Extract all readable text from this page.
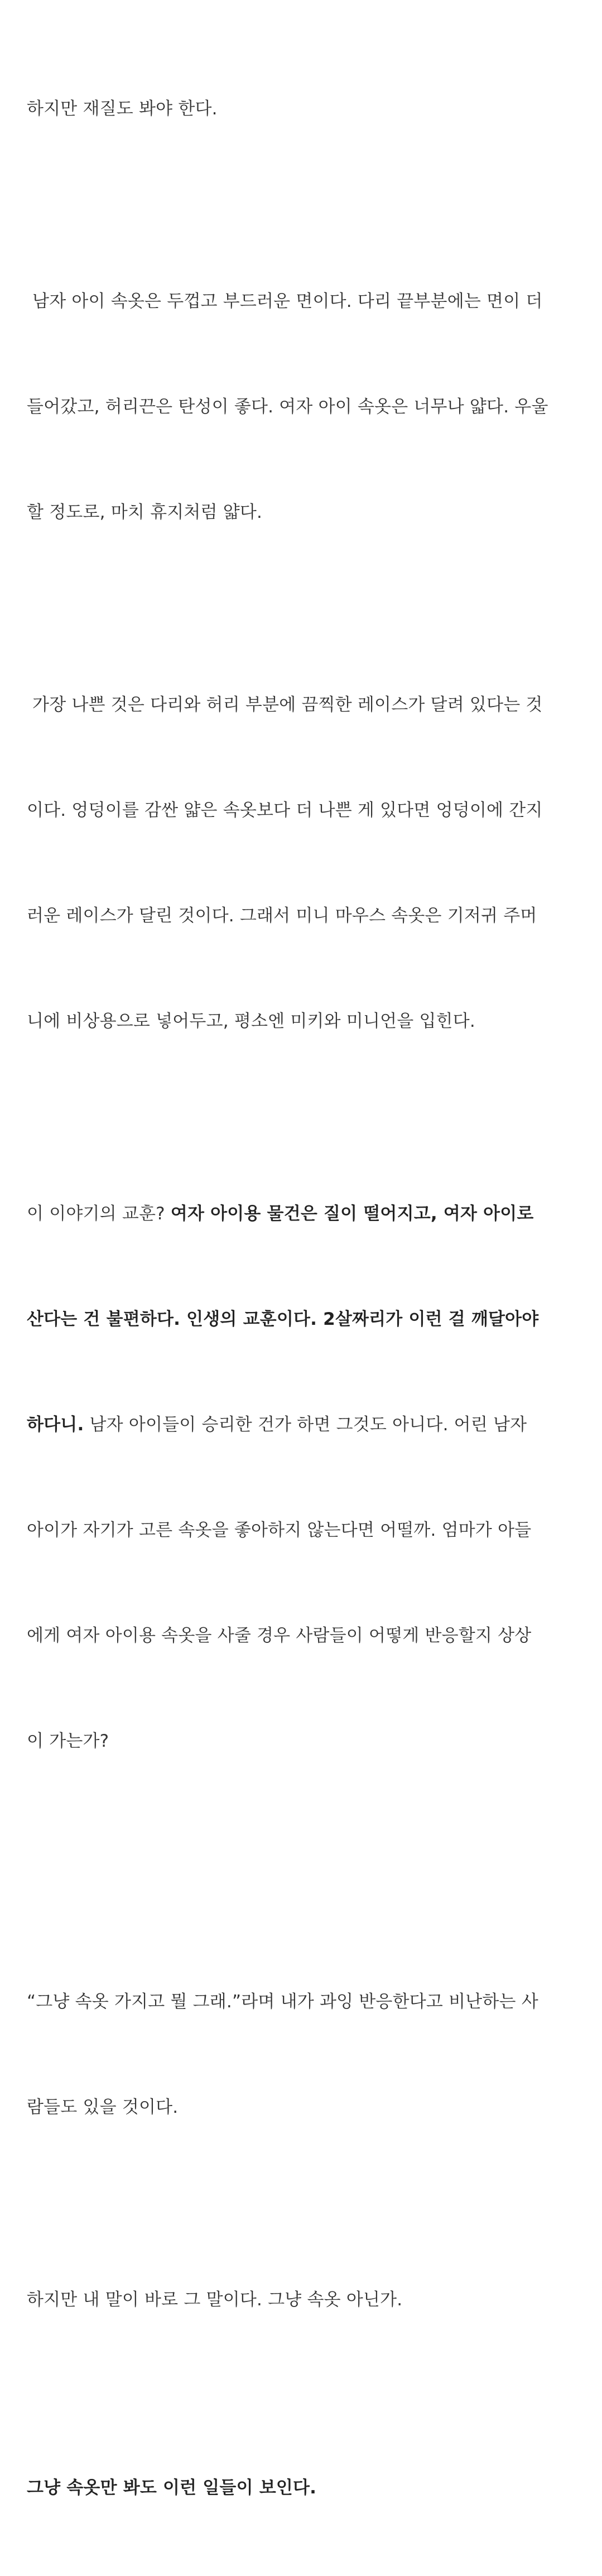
하지만 재질도 봐야 한다.

남자 아이 속옷은 두껍고 부드러운 면이다. 다리 끝부분에는 면이 더

들어갔고, 허리끈은 탄성이 좋다. 여자 아이 속옷은 너무나 얇다. 우울

할 정도로, 마치 휴지처럼 얇다.

가장 나쁜 것은 다리와 허리 부분에 끔찍한 레이스가 달려 있다는 것

이다. 엉덩이를 감싼 얇은 속옷보다 더 나쁜 게 있다면 엉덩이에 간지

러운 레이스가 달린 것이다. 그래서 미니 마우스 속옷은 기저귀 주머

니에 비상용으로 넣어두고, 평소엔 미키와 미니언을 입힌다.

이 이야기의 교훈? 여자 아이용 물건은 질이 떨어지고, 여자 아이로

산다는 건 불편하다. 인생의 교훈이다. 2살짜리가 이런 걸 깨달아야

하다니. 남자 아이들이 승리한 건가 하면 그것도 아니다. 어린 남자

아이가 자기가 고른 속옷을 좋아하지 않는다면 어떨까. 엄마가 아들

에게 여자 아이용 속옷을 사줄 경우 사람들이 어떻게 반응할지 상상

이 가는가?

“그냥 속옷 가지고 뭘 그래.”라며 내가 과잉 반응한다고 비난하는 사

람들도 있을 것이다.

하지만 내 말이 바로 그 말이다. 그냥 속옷 아닌가.

그냥 속옷만 봐도 이런 일들이 보인다.
